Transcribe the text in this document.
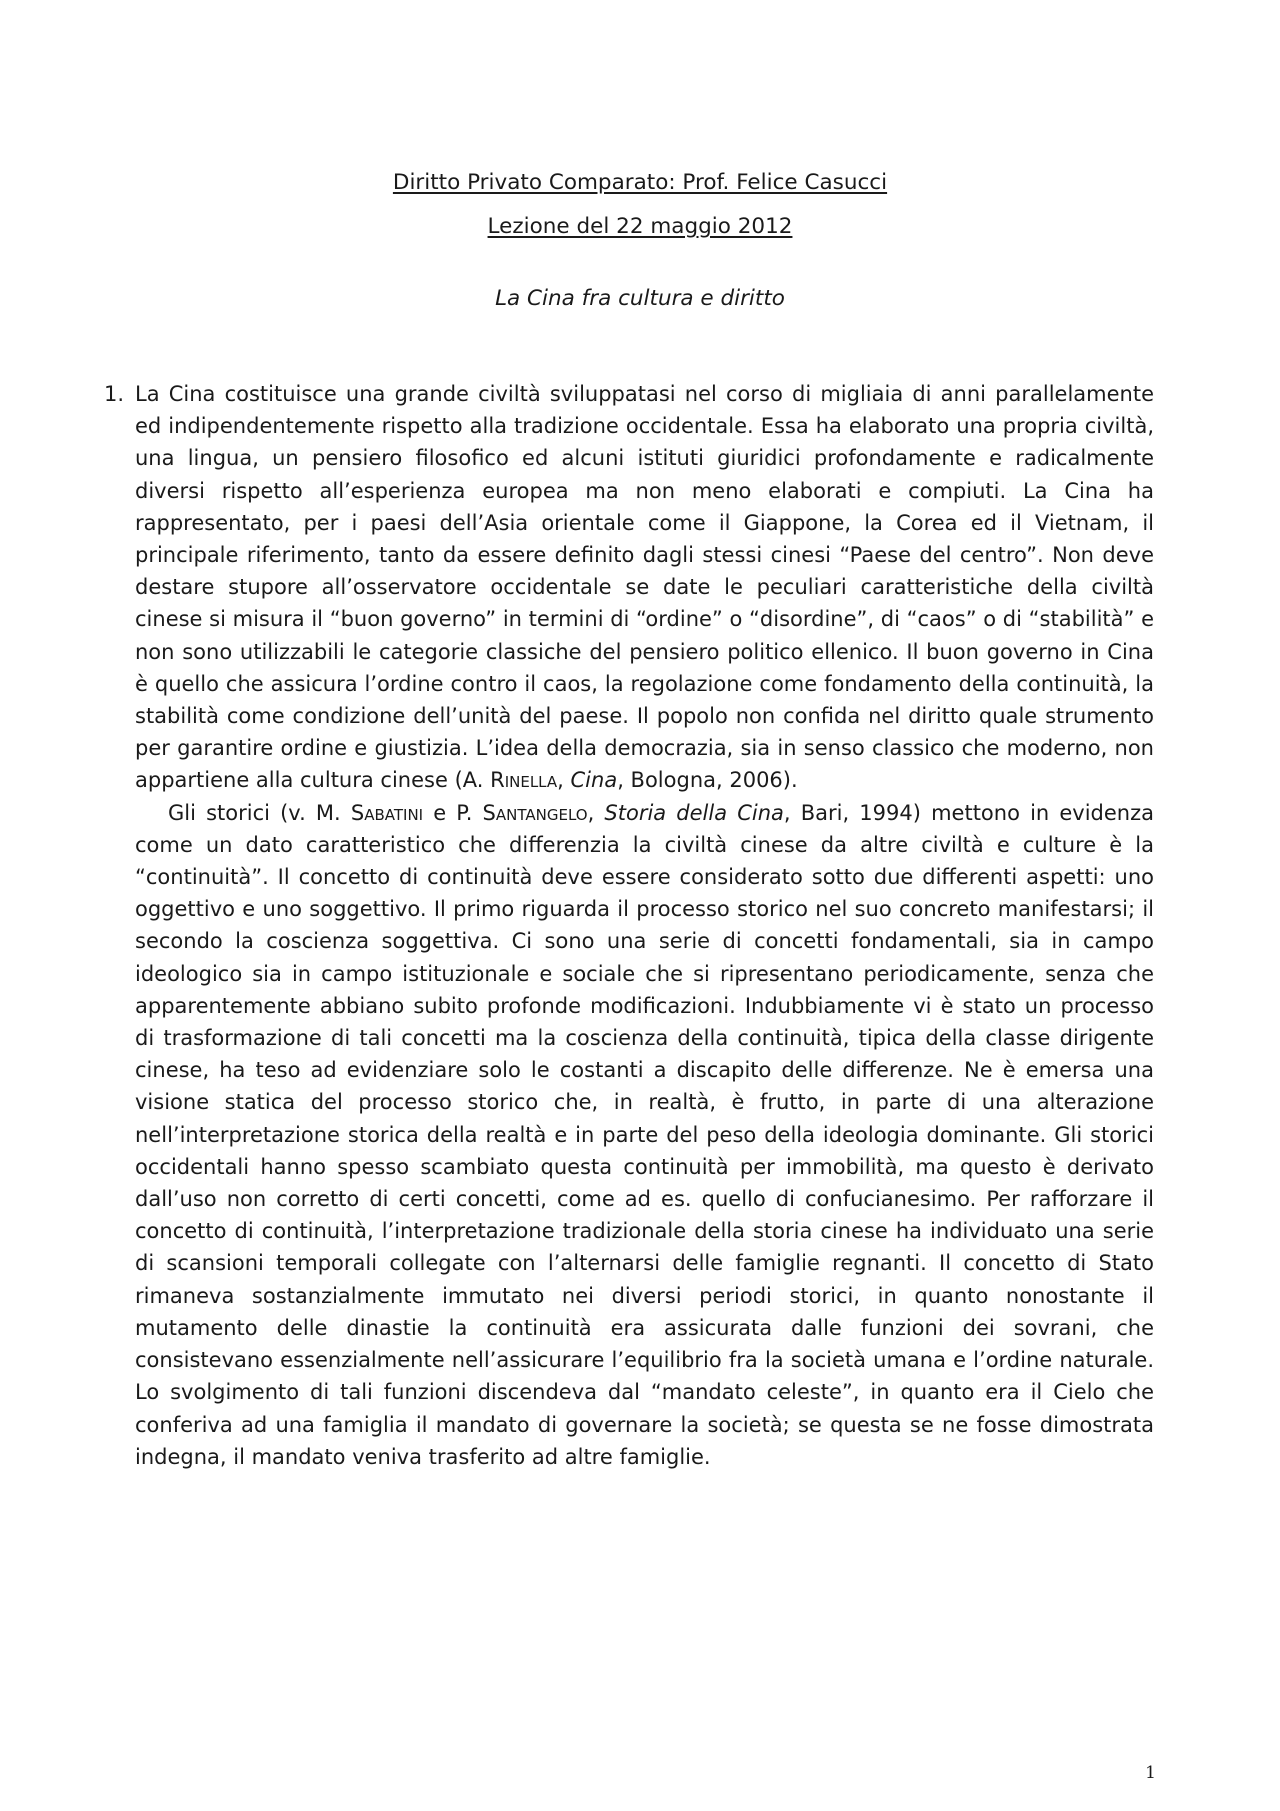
Diritto Privato Comparato: Prof. Felice Casucci
Lezione del 22 maggio 2012
La Cina fra cultura e diritto
1. La Cina costituisce una grande civiltà sviluppatasi nel corso di migliaia di anni parallelamente ed indipendentemente rispetto alla tradizione occidentale. Essa ha elaborato una propria civiltà, una lingua, un pensiero filosofico ed alcuni istituti giuridici profondamente e radicalmente diversi rispetto all’esperienza europea ma non meno elaborati e compiuti. La Cina ha rappresentato, per i paesi dell’Asia orientale come il Giappone, la Corea ed il Vietnam, il principale riferimento, tanto da essere definito dagli stessi cinesi “Paese del centro”. Non deve destare stupore all’osservatore occidentale se date le peculiari caratteristiche della civiltà cinese si misura il “buon governo” in termini di “ordine” o “disordine”, di “caos” o di “stabilità” e non sono utilizzabili le categorie classiche del pensiero politico ellenico. Il buon governo in Cina è quello che assicura l’ordine contro il caos, la regolazione come fondamento della continuità, la stabilità come condizione dell’unità del paese. Il popolo non confida nel diritto quale strumento per garantire ordine e giustizia. L’idea della democrazia, sia in senso classico che moderno, non appartiene alla cultura cinese (A. Rinella, Cina, Bologna, 2006).

Gli storici (v. M. Sabatini e P. Santangelo, Storia della Cina, Bari, 1994) mettono in evidenza come un dato caratteristico che differenzia la civiltà cinese da altre civiltà e culture è la “continuità”. Il concetto di continuità deve essere considerato sotto due differenti aspetti: uno oggettivo e uno soggettivo. Il primo riguarda il processo storico nel suo concreto manifestarsi; il secondo la coscienza soggettiva. Ci sono una serie di concetti fondamentali, sia in campo ideologico sia in campo istituzionale e sociale che si ripresentano periodicamente, senza che apparentemente abbiano subito profonde modificazioni. Indubbiamente vi è stato un processo di trasformazione di tali concetti ma la coscienza della continuità, tipica della classe dirigente cinese, ha teso ad evidenziare solo le costanti a discapito delle differenze. Ne è emersa una visione statica del processo storico che, in realtà, è frutto, in parte di una alterazione nell’interpretazione storica della realtà e in parte del peso della ideologia dominante. Gli storici occidentali hanno spesso scambiato questa continuità per immobilità, ma questo è derivato dall’uso non corretto di certi concetti, come ad es. quello di confucianesimo. Per rafforzare il concetto di continuità, l’interpretazione tradizionale della storia cinese ha individuato una serie di scansioni temporali collegate con l’alternarsi delle famiglie regnanti. Il concetto di Stato rimaneva sostanzialmente immutato nei diversi periodi storici, in quanto nonostante il mutamento delle dinastie la continuità era assicurata dalle funzioni dei sovrani, che consistevano essenzialmente nell’assicurare l’equilibrio fra la società umana e l’ordine naturale. Lo svolgimento di tali funzioni discendeva dal “mandato celeste”, in quanto era il Cielo che conferiva ad una famiglia il mandato di governare la società; se questa se ne fosse dimostrata indegna, il mandato veniva trasferito ad altre famiglie.

1
